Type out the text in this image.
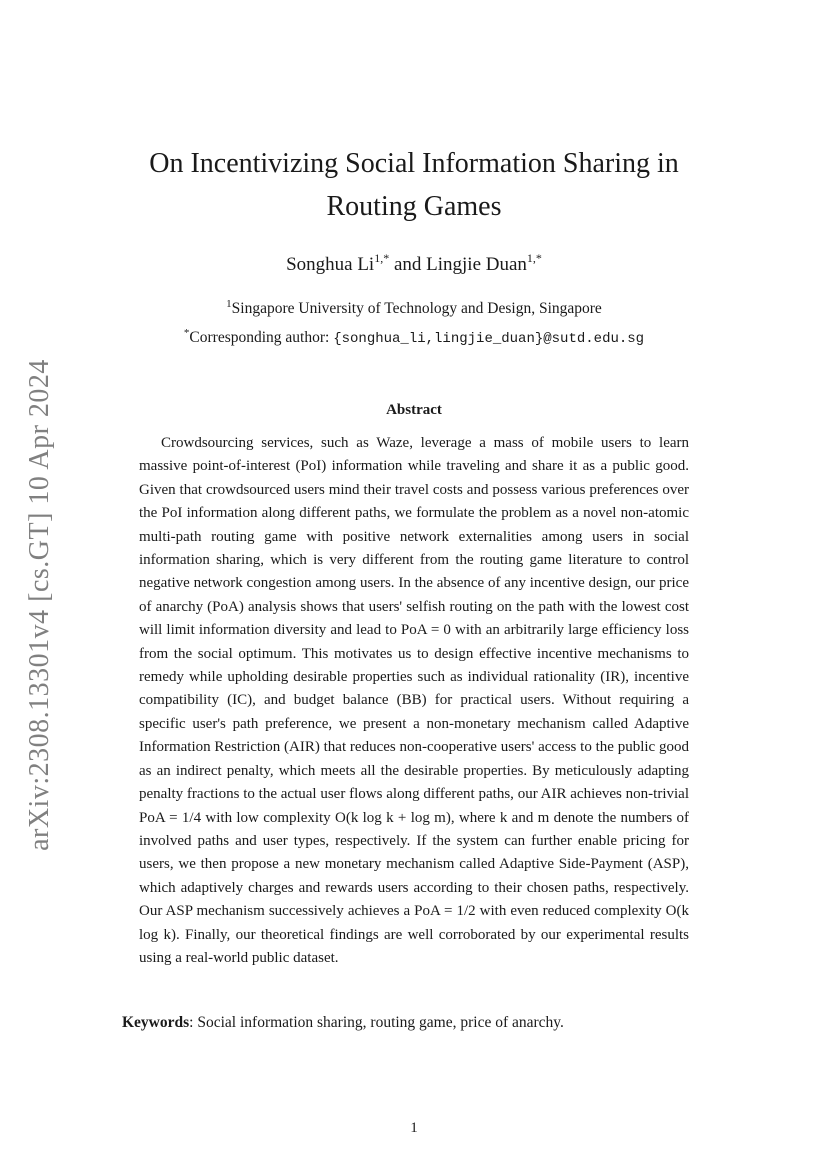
arXiv:2308.13301v4 [cs.GT] 10 Apr 2024
On Incentivizing Social Information Sharing in Routing Games
Songhua $Li^{1,*}$ and Lingjie Duan$^{1,*}$
$^1$Singapore University of Technology and Design, Singapore
*Corresponding author: {songhua_li,lingjie_duan}@sutd.edu.sg
Abstract

Crowdsourcing services, such as Waze, leverage a mass of mobile users to learn massive point-of-interest (PoI) information while traveling and share it as a public good. Given that crowdsourced users mind their travel costs and possess various preferences over the PoI information along different paths, we formulate the problem as a novel non-atomic multi-path routing game with positive network externalities among users in social information sharing, which is very different from the routing game literature to control negative network congestion among users. In the absence of any incentive design, our price of anarchy (PoA) analysis shows that users' selfish routing on the path with the lowest cost will limit information diversity and lead to PoA = 0 with an arbitrarily large efficiency loss from the social optimum. This motivates us to design effective incentive mechanisms to remedy while upholding desirable properties such as individual rationality (IR), incentive compatibility (IC), and budget balance (BB) for practical users. Without requiring a specific user's path preference, we present a non-monetary mechanism called Adaptive Information Restriction (AIR) that reduces non-cooperative users' access to the public good as an indirect penalty, which meets all the desirable properties. By meticulously adapting penalty fractions to the actual user flows along different paths, our AIR achieves non-trivial PoA = 1/4 with low complexity O(k log k + log m), where k and m denote the numbers of involved paths and user types, respectively. If the system can further enable pricing for users, we then propose a new monetary mechanism called Adaptive Side-Payment (ASP), which adaptively charges and rewards users according to their chosen paths, respectively. Our ASP mechanism successively achieves a PoA = 1/2 with even reduced complexity O(k log k). Finally, our theoretical findings are well corroborated by our experimental results using a real-world public dataset.

Keywords: Social information sharing, routing game, price of anarchy.
1
